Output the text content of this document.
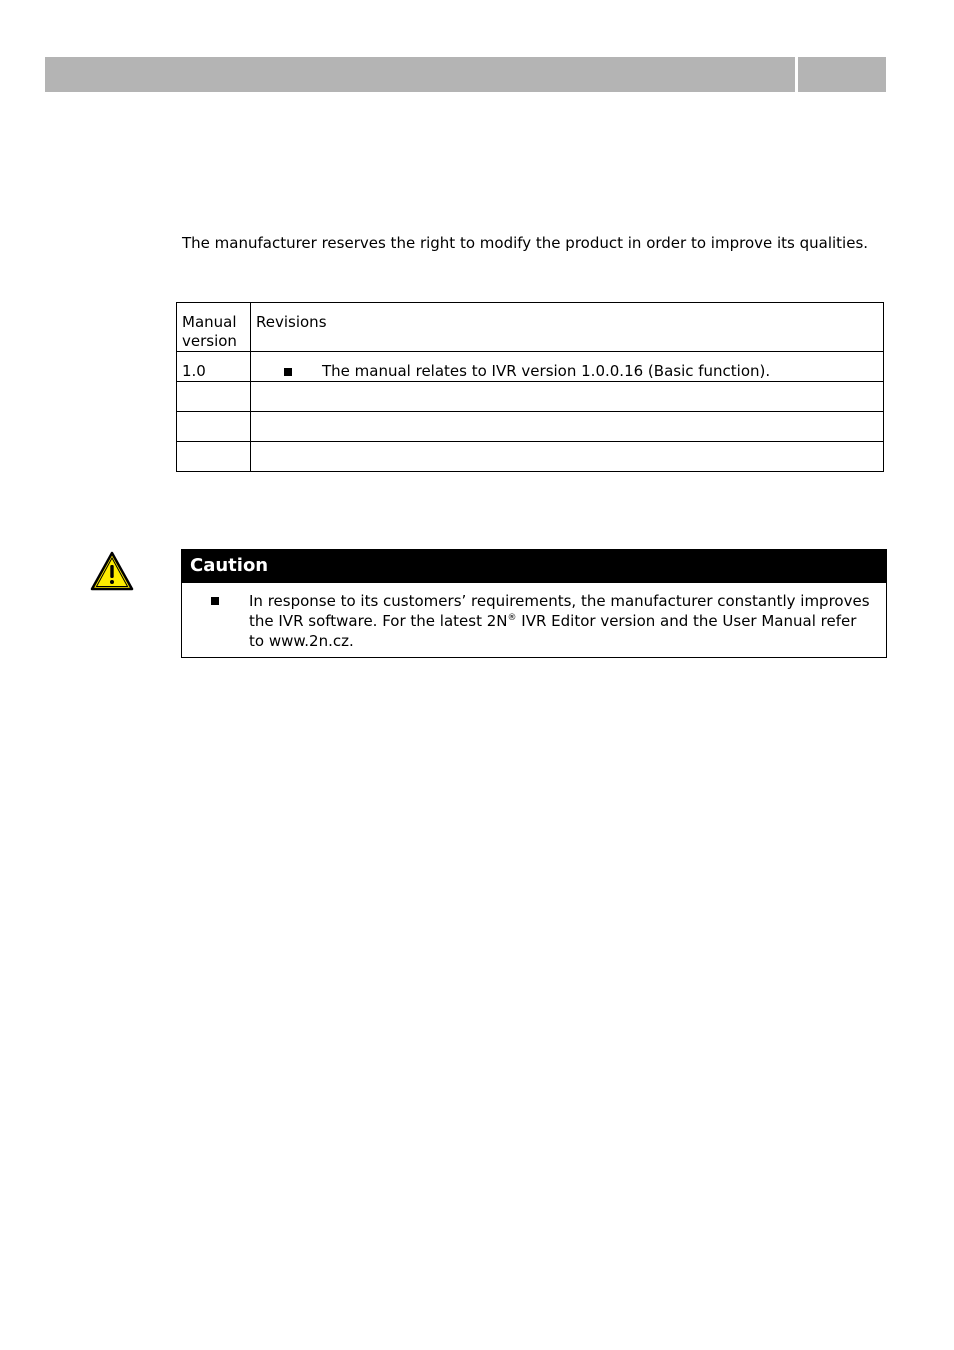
The manufacturer reserves the right to modify the product in order to improve its qualities.

Manual version	Revisions
1.0	The manual relates to IVR version 1.0.0.16 (Basic function).

Caution
In response to its customers’ requirements, the manufacturer constantly improves the IVR software. For the latest 2N® IVR Editor version and the User Manual refer to www.2n.cz.
